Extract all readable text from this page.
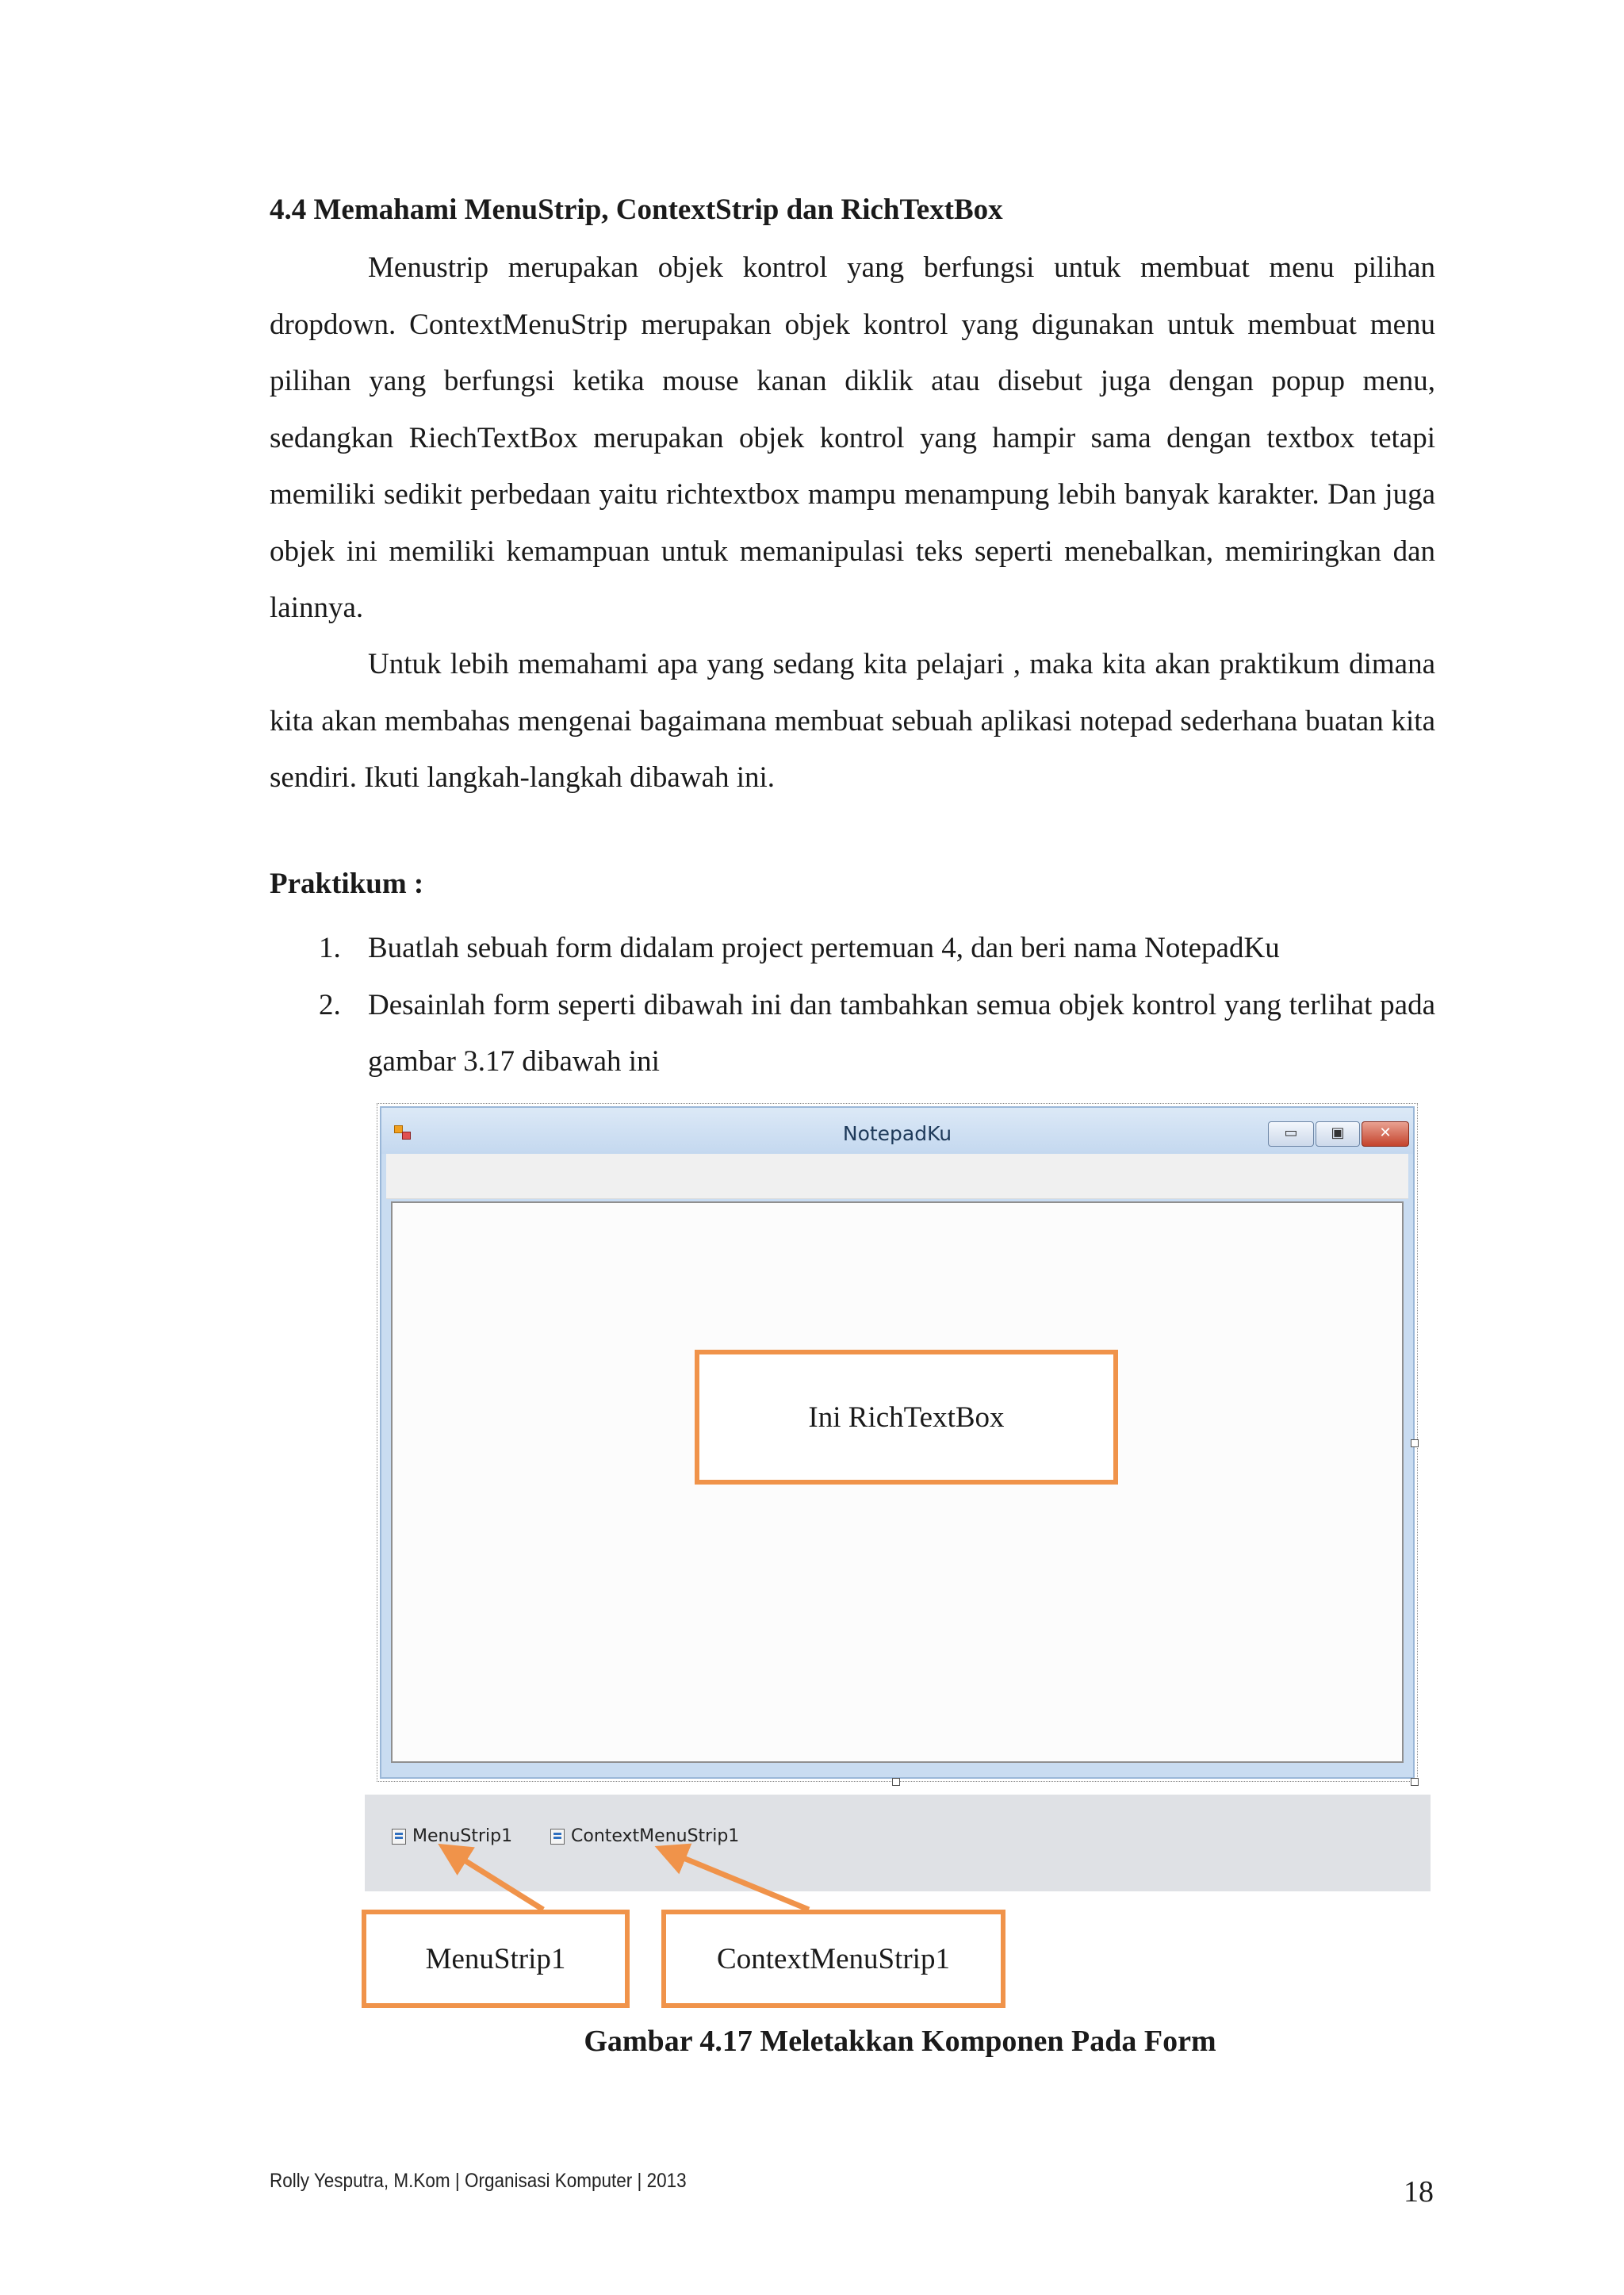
4.4 Memahami MenuStrip, ContextStrip dan RichTextBox

Menustrip merupakan objek kontrol yang berfungsi untuk membuat menu pilihan dropdown. ContextMenuStrip merupakan objek kontrol yang digunakan untuk membuat menu pilihan yang berfungsi ketika mouse kanan diklik atau disebut juga dengan popup menu, sedangkan RiechTextBox merupakan objek kontrol yang hampir sama dengan textbox tetapi memiliki sedikit perbedaan yaitu richtextbox mampu menampung lebih banyak karakter. Dan juga objek ini memiliki kemampuan untuk memanipulasi teks seperti menebalkan, memiringkan dan lainnya.

Untuk lebih memahami apa yang sedang kita pelajari , maka kita akan praktikum dimana kita akan membahas mengenai bagaimana membuat sebuah aplikasi notepad sederhana buatan kita sendiri. Ikuti langkah-langkah dibawah ini.

Praktikum :
1. Buatlah sebuah form didalam project pertemuan 4, dan beri nama NotepadKu
2. Desainlah form seperti dibawah ini dan tambahkan semua objek kontrol yang terlihat pada gambar 3.17 dibawah ini
NotepadKu	▭	▣	✕
Ini RichTextBox
MenuStrip1	ContextMenuStrip1
MenuStrip1	ContextMenuStrip1

Gambar 4.17 Meletakkan Komponen Pada Form

Rolly Yesputra, M.Kom | Organisasi Komputer | 2013	18
